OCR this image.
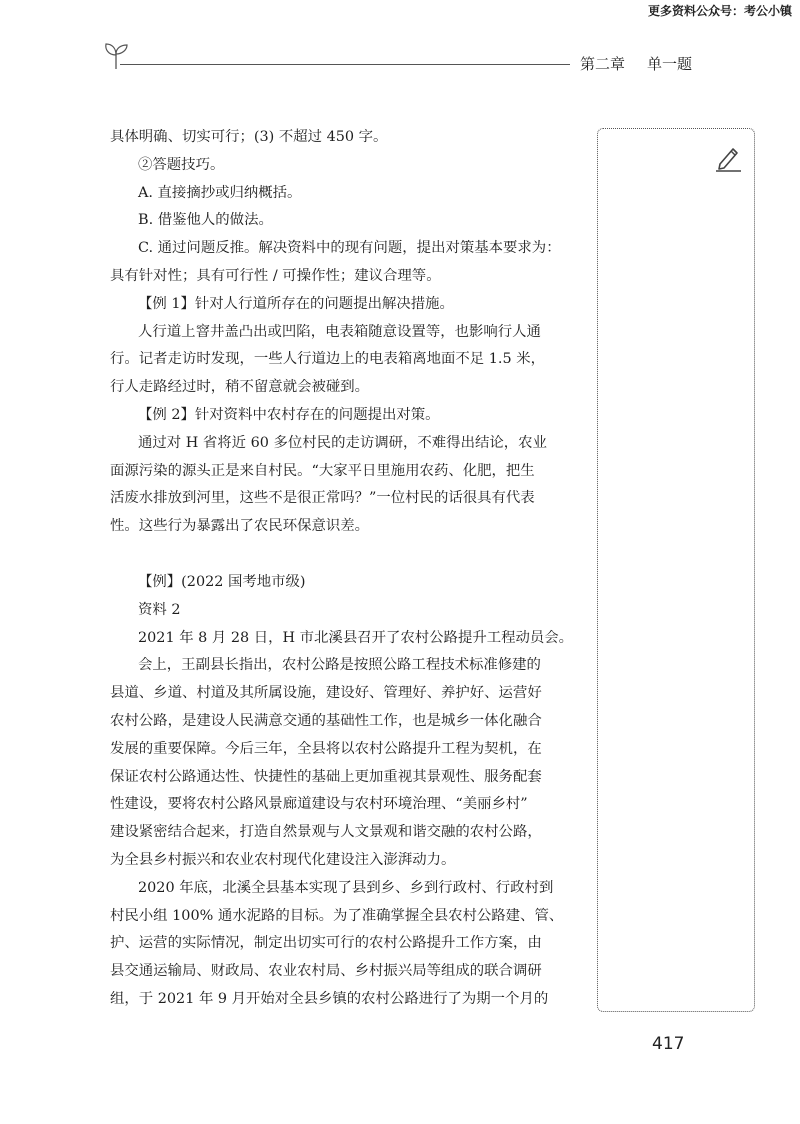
更多资料公众号：考公小镇
第二章 单一题

具体明确、切实可行；(3) 不超过 450 字。

②答题技巧。

A. 直接摘抄或归纳概括。

B. 借鉴他人的做法。

C. 通过问题反推。解决资料中的现有问题，提出对策基本要求为：

具有针对性；具有可行性 / 可操作性；建议合理等。

【例 1】针对人行道所存在的问题提出解决措施。

人行道上窨井盖凸出或凹陷，电表箱随意设置等，也影响行人通

行。记者走访时发现，一些人行道边上的电表箱离地面不足 1.5 米，

行人走路经过时，稍不留意就会被碰到。

【例 2】针对资料中农村存在的问题提出对策。

通过对 H 省将近 60 多位村民的走访调研，不难得出结论，农业

面源污染的源头正是来自村民。“大家平日里施用农药、化肥，把生

活废水排放到河里，这些不是很正常吗？”一位村民的话很具有代表

性。这些行为暴露出了农民环保意识差。

【例】(2022 国考地市级)

资料 2

2021 年 8 月 28 日，H 市北溪县召开了农村公路提升工程动员会。

会上，王副县长指出，农村公路是按照公路工程技术标准修建的

县道、乡道、村道及其所属设施，建设好、管理好、养护好、运营好

农村公路，是建设人民满意交通的基础性工作，也是城乡一体化融合

发展的重要保障。今后三年，全县将以农村公路提升工程为契机，在

保证农村公路通达性、快捷性的基础上更加重视其景观性、服务配套

性建设，要将农村公路风景廊道建设与农村环境治理、“美丽乡村”

建设紧密结合起来，打造自然景观与人文景观和谐交融的农村公路，

为全县乡村振兴和农业农村现代化建设注入澎湃动力。

2020 年底，北溪全县基本实现了县到乡、乡到行政村、行政村到

村民小组 100% 通水泥路的目标。为了准确掌握全县农村公路建、管、

护、运营的实际情况，制定出切实可行的农村公路提升工作方案，由

县交通运输局、财政局、农业农村局、乡村振兴局等组成的联合调研

组，于 2021 年 9 月开始对全县乡镇的农村公路进行了为期一个月的

417
